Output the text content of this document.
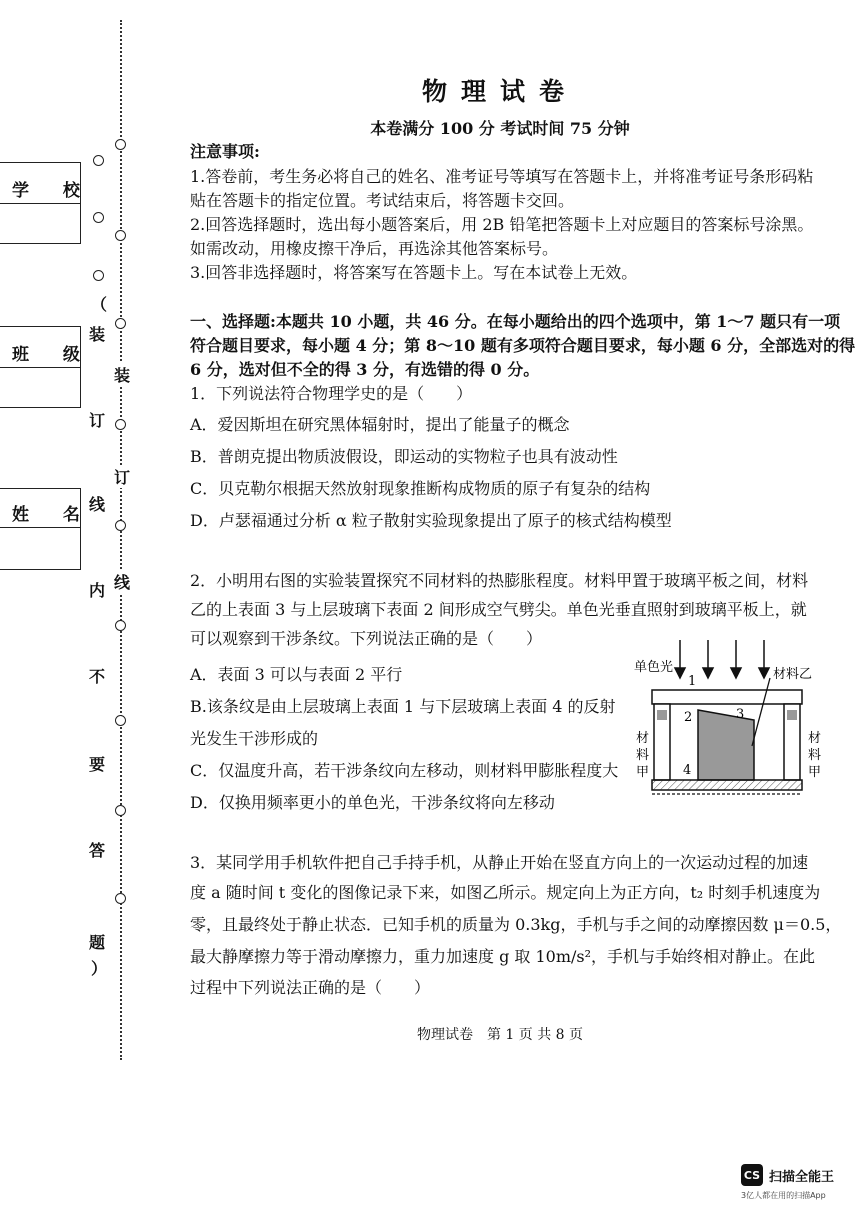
（
装
订
线
内
不
要
答
题
）
装
订
线
学 校
班 级
姓 名
物理试卷
本卷满分 100 分 考试时间 75 分钟
注意事项:
1.答卷前，考生务必将自己的姓名、准考证号等填写在答题卡上，并将准考证号条形码粘
贴在答题卡的指定位置。考试结束后，将答题卡交回。
2.回答选择题时，选出每小题答案后，用 2B 铅笔把答题卡上对应题目的答案标号涂黑。
如需改动，用橡皮擦干净后，再选涂其他答案标号。
3.回答非选择题时，将答案写在答题卡上。写在本试卷上无效。
一、选择题:本题共 10 小题，共 46 分。在每小题给出的四个选项中，第 1～7 题只有一项
符合题目要求，每小题 4 分；第 8～10 题有多项符合题目要求，每小题 6 分，全部选对的得
6 分，选对但不全的得 3 分，有选错的得 0 分。
1．下列说法符合物理学史的是（　　）
A．爱因斯坦在研究黑体辐射时，提出了能量子的概念
B．普朗克提出物质波假设，即运动的实物粒子也具有波动性
C．贝克勒尔根据天然放射现象推断构成物质的原子有复杂的结构
D．卢瑟福通过分析 α 粒子散射实验现象提出了原子的核式结构模型
2．小明用右图的实验装置探究不同材料的热膨胀程度。材料甲置于玻璃平板之间，材料
乙的上表面 3 与上层玻璃下表面 2 间形成空气劈尖。单色光垂直照射到玻璃平板上，就
可以观察到干涉条纹。下列说法正确的是（　　）
A．表面 3 可以与表面 2 平行
B.该条纹是由上层玻璃上表面 1 与下层玻璃上表面 4 的反射
光发生干涉形成的
C．仅温度升高，若干涉条纹向左移动，则材料甲膨胀程度大
D．仅换用频率更小的单色光，干涉条纹将向左移动
单色光
1
2	3
4
材料乙
材
料
甲
材
料
甲
3．某同学用手机软件把自己手持手机，从静止开始在竖直方向上的一次运动过程的加速
度 a 随时间 t 变化的图像记录下来，如图乙所示。规定向上为正方向，t₂ 时刻手机速度为
零，且最终处于静止状态．已知手机的质量为 0.3kg，手机与手之间的动摩擦因数 μ＝0.5，
最大静摩擦力等于滑动摩擦力，重力加速度 g 取 10m/s²，手机与手始终相对静止。在此
过程中下列说法正确的是（　　）
物理试卷　第 1 页 共 8 页
CS 扫描全能王
3亿人都在用的扫描App
